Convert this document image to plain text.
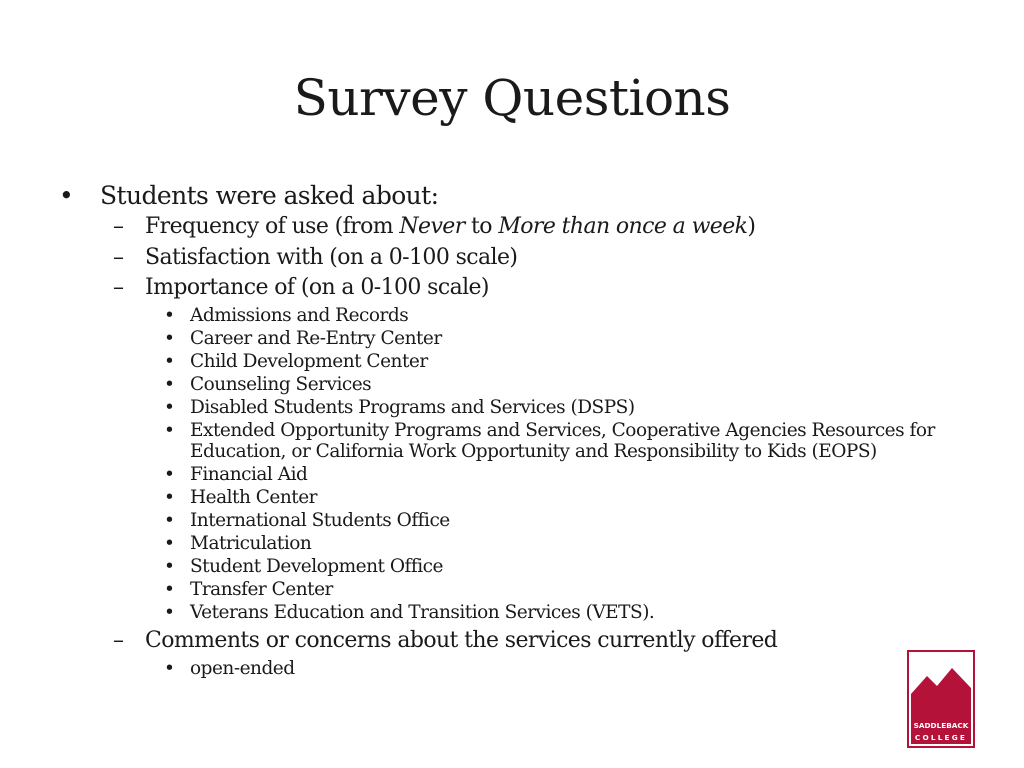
Survey Questions
• Students were asked about:
– Frequency of use (from Never to More than once a week)
– Satisfaction with (on a 0-100 scale)
– Importance of (on a 0-100 scale)
• Admissions and Records
• Career and Re-Entry Center
• Child Development Center
• Counseling Services
• Disabled Students Programs and Services (DSPS)
• Extended Opportunity Programs and Services, Cooperative Agencies Resources for Education, or California Work Opportunity and Responsibility to Kids (EOPS)
• Financial Aid
• Health Center
• International Students Office
• Matriculation
• Student Development Office
• Transfer Center
• Veterans Education and Transition Services (VETS).
– Comments or concerns about the services currently offered
• open-ended
SADDLEBACK
COLLEGE
